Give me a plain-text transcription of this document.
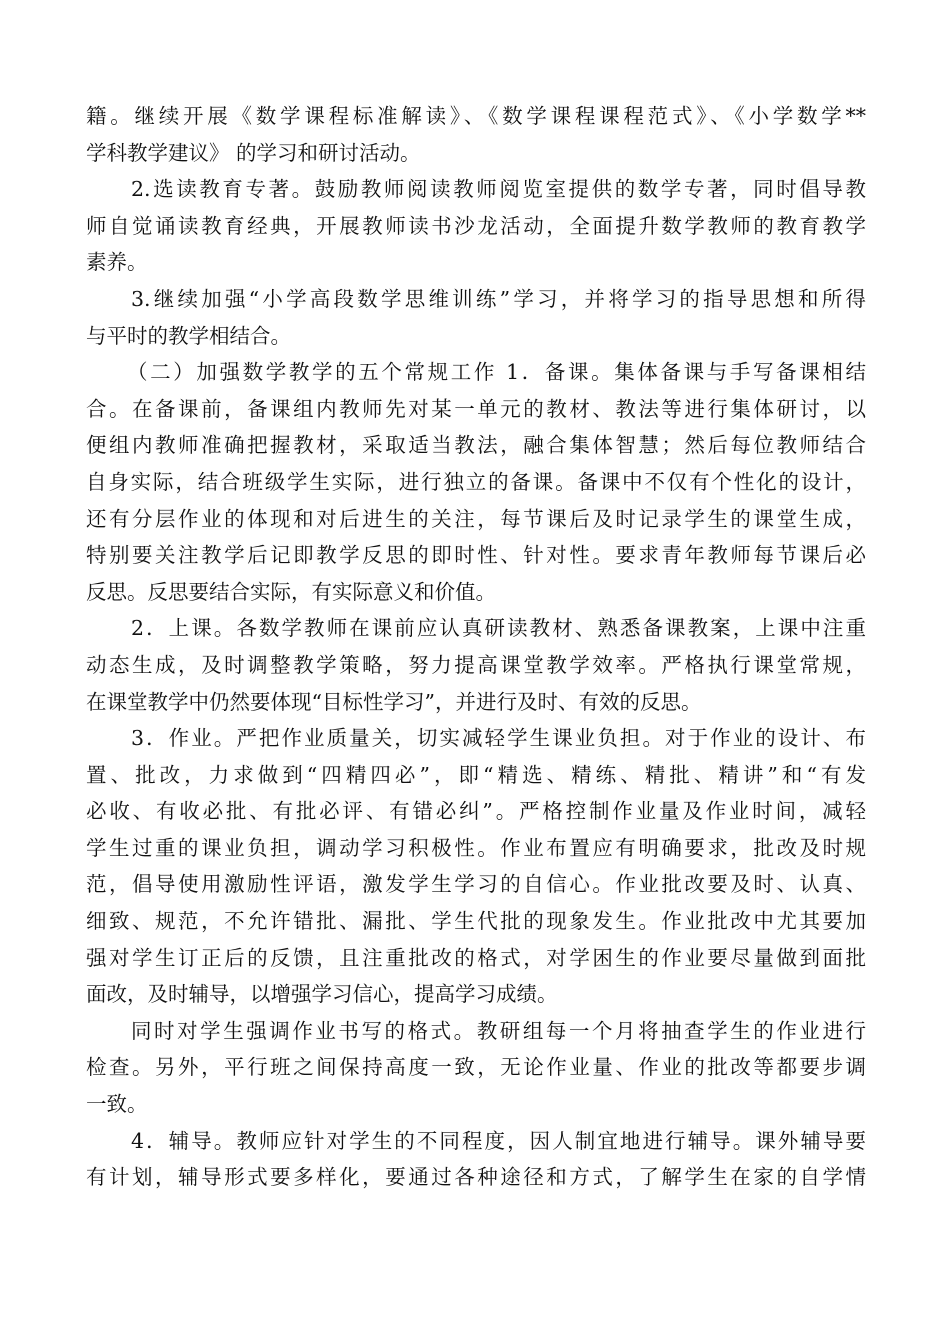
籍。继续开展《数学课程标准解读》、《数学课程课程范式》、《小学数学**
学科教学建议》 的学习和研讨活动。
2.选读教育专著。鼓励教师阅读教师阅览室提供的数学专著，同时倡导教
师自觉诵读教育经典，开展教师读书沙龙活动，全面提升数学教师的教育教学
素养。
3.继续加强“小学高段数学思维训练”学习，并将学习的指导思想和所得
与平时的教学相结合。
（二）加强数学教学的五个常规工作 1．备课。集体备课与手写备课相结
合。在备课前，备课组内教师先对某一单元的教材、教法等进行集体研讨，以
便组内教师准确把握教材，采取适当教法，融合集体智慧；然后每位教师结合
自身实际，结合班级学生实际，进行独立的备课。备课中不仅有个性化的设计，
还有分层作业的体现和对后进生的关注，每节课后及时记录学生的课堂生成，
特别要关注教学后记即教学反思的即时性、针对性。要求青年教师每节课后必
反思。反思要结合实际，有实际意义和价值。
2．上课。各数学教师在课前应认真研读教材、熟悉备课教案，上课中注重
动态生成，及时调整教学策略，努力提高课堂教学效率。严格执行课堂常规，
在课堂教学中仍然要体现“目标性学习”，并进行及时、有效的反思。
3．作业。严把作业质量关，切实减轻学生课业负担。对于作业的设计、布
置、批改，力求做到“四精四必”，即“精选、精练、精批、精讲”和“有发
必收、有收必批、有批必评、有错必纠”。严格控制作业量及作业时间，减轻
学生过重的课业负担，调动学习积极性。作业布置应有明确要求，批改及时规
范，倡导使用激励性评语，激发学生学习的自信心。作业批改要及时、认真、
细致、规范，不允许错批、漏批、学生代批的现象发生。作业批改中尤其要加
强对学生订正后的反馈，且注重批改的格式，对学困生的作业要尽量做到面批
面改，及时辅导，以增强学习信心，提高学习成绩。
同时对学生强调作业书写的格式。教研组每一个月将抽查学生的作业进行
检查。另外，平行班之间保持高度一致，无论作业量、作业的批改等都要步调
一致。
4．辅导。教师应针对学生的不同程度，因人制宜地进行辅导。课外辅导要
有计划，辅导形式要多样化，要通过各种途径和方式，了解学生在家的自学情
